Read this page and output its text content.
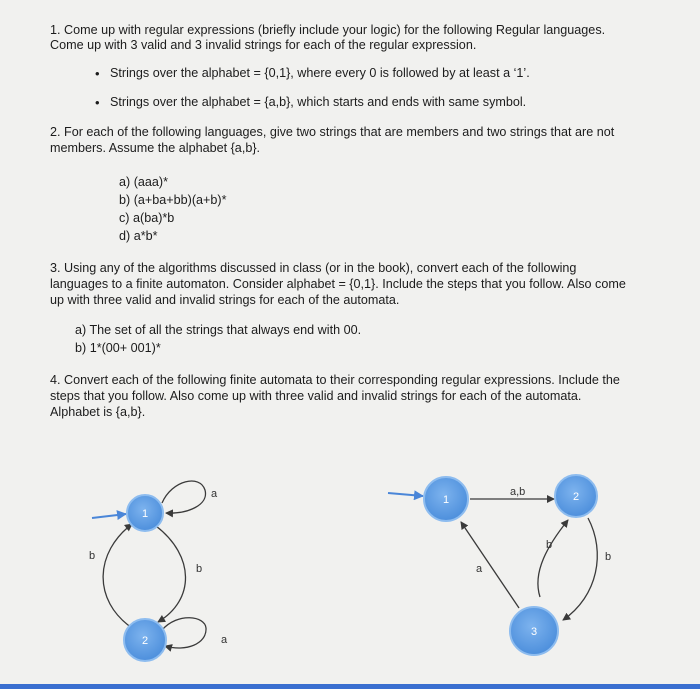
1. Come up with regular expressions (briefly include your logic) for the following Regular languages.
Come up with 3 valid and 3 invalid strings for each of the regular expression.
• Strings over the alphabet = {0,1}, where every 0 is followed by at least a ‘1’.
• Strings over the alphabet = {a,b}, which starts and ends with same symbol.
2. For each of the following languages, give two strings that are members and two strings that are not
members. Assume the alphabet {a,b}.
a) (aaa)*
b) (a+ba+bb)(a+b)*
c) a(ba)*b
d) a*b*
3. Using any of the algorithms discussed in class (or in the book), convert each of the following
languages to a finite automaton. Consider alphabet = {0,1}. Include the steps that you follow. Also come
up with three valid and invalid strings for each of the automata.
a) The set of all the strings that always end with 00.
b) 1*(00+ 001)*
4. Convert each of the following finite automata to their corresponding regular expressions. Include the
steps that you follow. Also come up with three valid and invalid strings for each of the automata.
Alphabet is {a,b}.
1
2
1	2
3
a
b
b
a
a,b
a
b
b
